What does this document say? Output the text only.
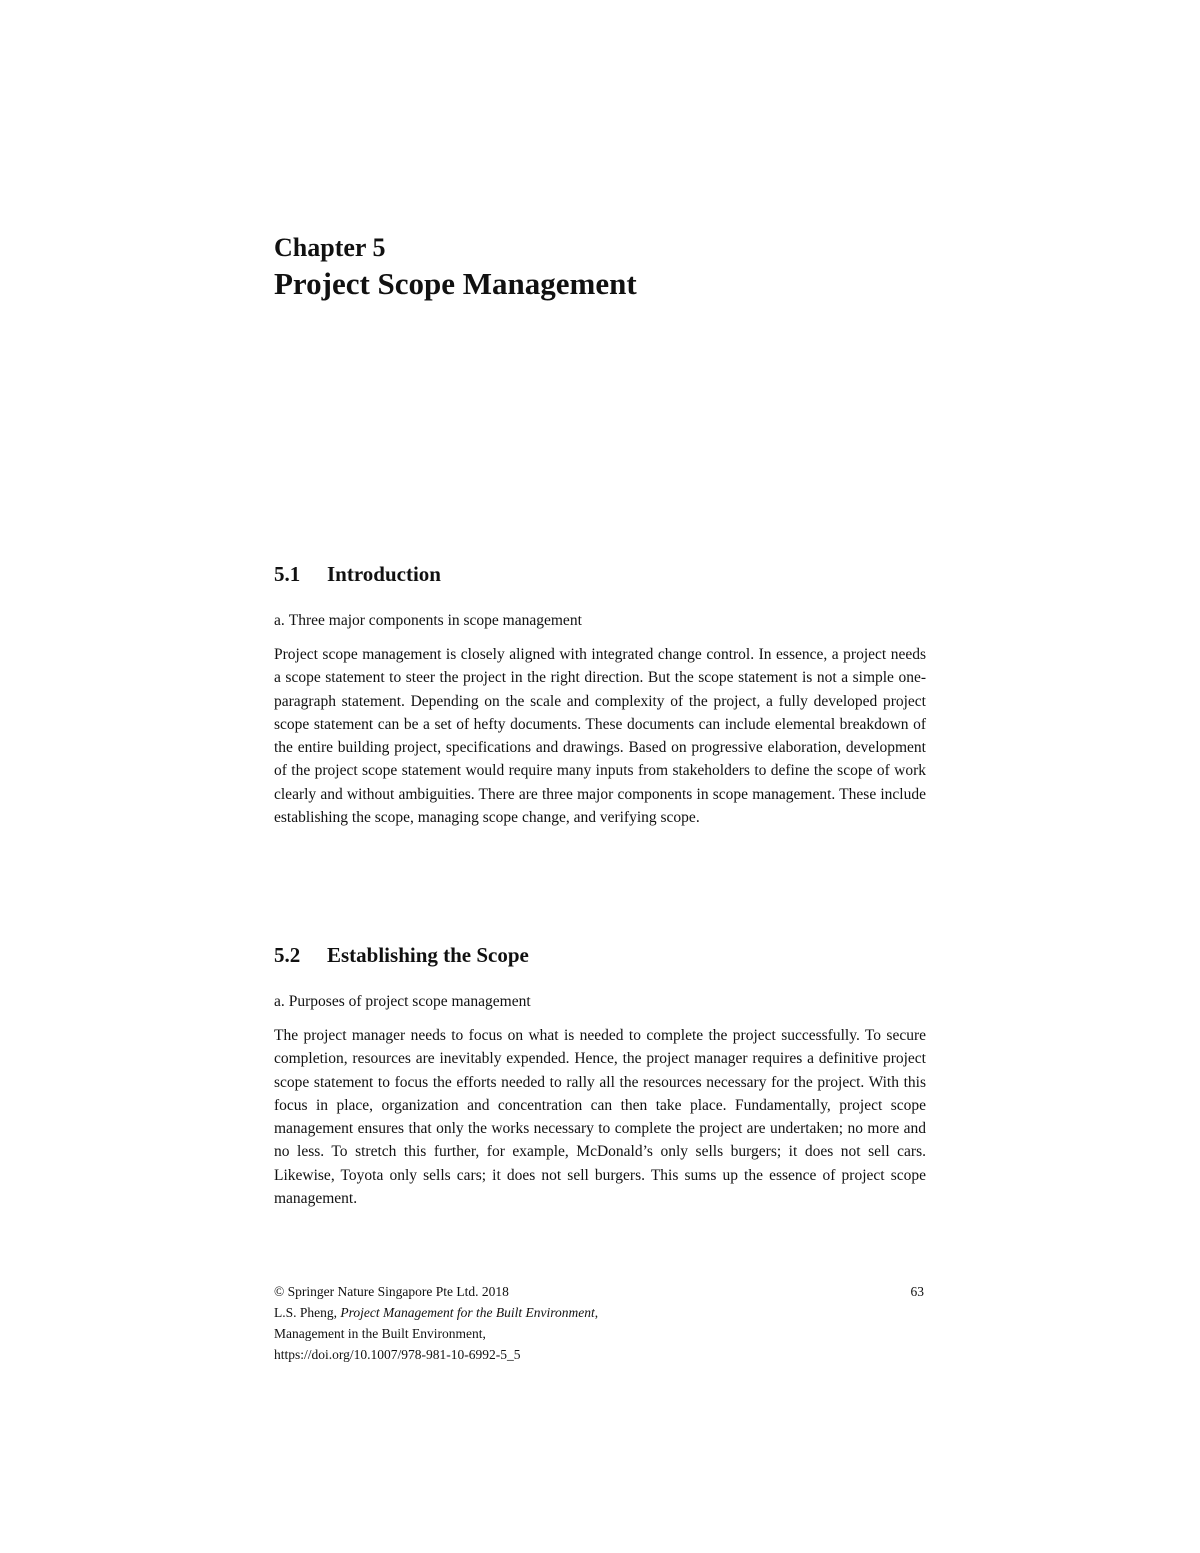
Chapter 5
Project Scope Management
5.1 Introduction

a. Three major components in scope management

Project scope management is closely aligned with integrated change control. In essence, a project needs a scope statement to steer the project in the right direction. But the scope statement is not a simple one-paragraph statement. Depending on the scale and complexity of the project, a fully developed project scope statement can be a set of hefty documents. These documents can include elemental breakdown of the entire building project, specifications and drawings. Based on progressive elaboration, development of the project scope statement would require many inputs from stakeholders to define the scope of work clearly and without ambiguities. There are three major components in scope management. These include establishing the scope, managing scope change, and verifying scope.

5.2 Establishing the Scope

a. Purposes of project scope management

The project manager needs to focus on what is needed to complete the project successfully. To secure completion, resources are inevitably expended. Hence, the project manager requires a definitive project scope statement to focus the efforts needed to rally all the resources necessary for the project. With this focus in place, organization and concentration can then take place. Fundamentally, project scope management ensures that only the works necessary to complete the project are undertaken; no more and no less. To stretch this further, for example, McDonald’s only sells burgers; it does not sell cars. Likewise, Toyota only sells cars; it does not sell burgers. This sums up the essence of project scope management.

© Springer Nature Singapore Pte Ltd. 2018
L.S. Pheng, Project Management for the Built Environment,
Management in the Built Environment,
https://doi.org/10.1007/978-981-10-6992-5_5
63
